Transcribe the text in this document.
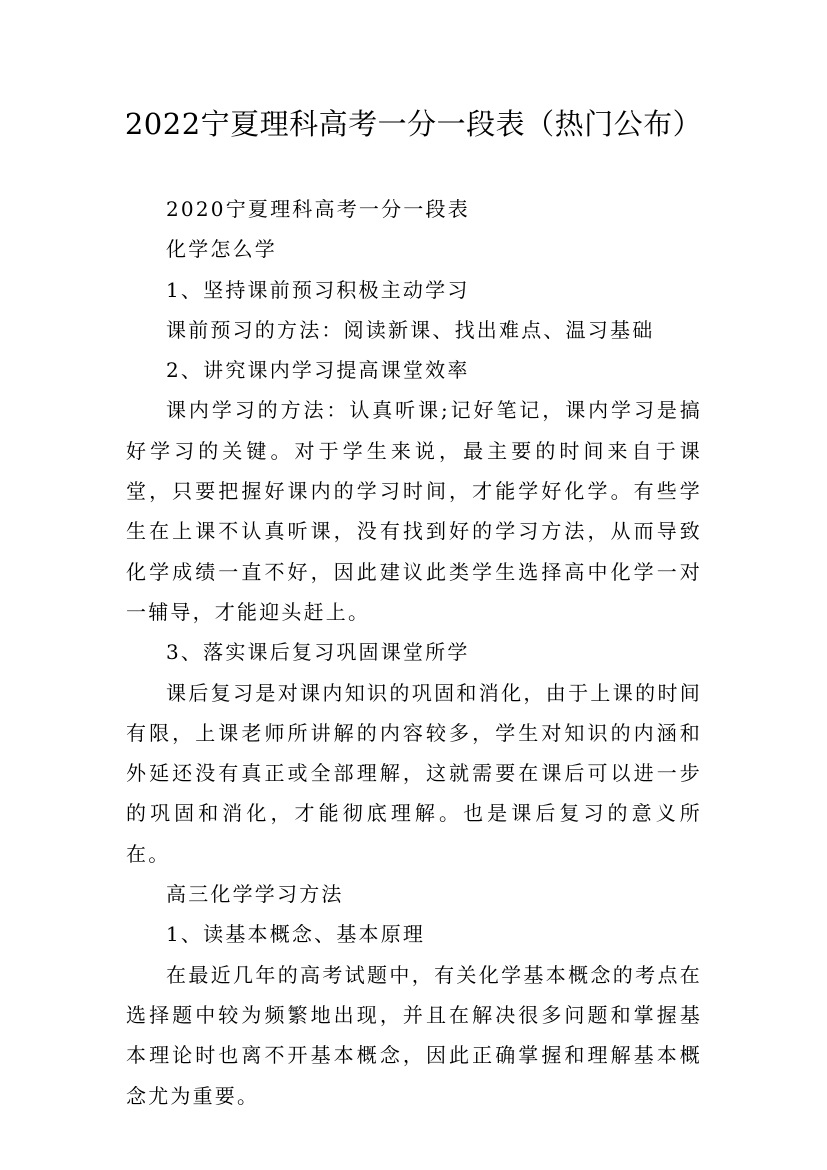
2022宁夏理科高考一分一段表（热门公布）

2020宁夏理科高考一分一段表

化学怎么学

1、坚持课前预习积极主动学习

课前预习的方法：阅读新课、找出难点、温习基础

2、讲究课内学习提高课堂效率

课内学习的方法：认真听课;记好笔记，课内学习是搞好学习的关键。对于学生来说，最主要的时间来自于课堂，只要把握好课内的学习时间，才能学好化学。有些学生在上课不认真听课，没有找到好的学习方法，从而导致化学成绩一直不好，因此建议此类学生选择高中化学一对一辅导，才能迎头赶上。

3、落实课后复习巩固课堂所学

课后复习是对课内知识的巩固和消化，由于上课的时间有限，上课老师所讲解的内容较多，学生对知识的内涵和外延还没有真正或全部理解，这就需要在课后可以进一步的巩固和消化，才能彻底理解。也是课后复习的意义所在。

高三化学学习方法

1、读基本概念、基本原理

在最近几年的高考试题中，有关化学基本概念的考点在选择题中较为频繁地出现，并且在解决很多问题和掌握基本理论时也离不开基本概念，因此正确掌握和理解基本概念尤为重要。
